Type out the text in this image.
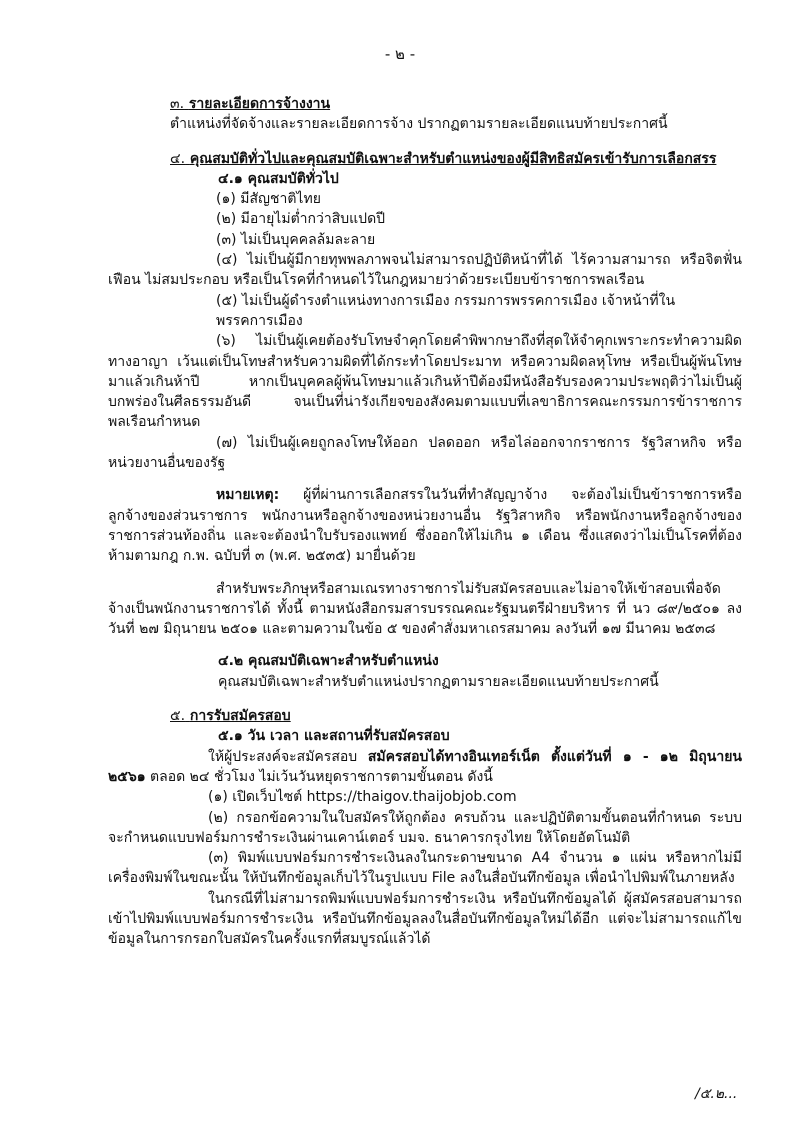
- ๒ -
๓. รายละเอียดการจ้างงาน
ตำแหน่งที่จัดจ้างและรายละเอียดการจ้าง ปรากฏตามรายละเอียดแนบท้ายประกาศนี้
๔. คุณสมบัติทั่วไปและคุณสมบัติเฉพาะสำหรับตำแหน่งของผู้มีสิทธิสมัครเข้ารับการเลือกสรร
๔.๑ คุณสมบัติทั่วไป
(๑) มีสัญชาติไทย
(๒) มีอายุไม่ต่ำกว่าสิบแปดปี
(๓) ไม่เป็นบุคคลล้มละลาย
(๔) ไม่เป็นผู้มีกายทุพพลภาพจนไม่สามารถปฏิบัติหน้าที่ได้ ไร้ความสามารถ หรือจิตฟั่นเฟือน ไม่สมประกอบ หรือเป็นโรคที่กำหนดไว้ในกฎหมายว่าด้วยระเบียบข้าราชการพลเรือน
(๕) ไม่เป็นผู้ดำรงตำแหน่งทางการเมือง กรรมการพรรคการเมือง เจ้าหน้าที่ในพรรคการเมือง
(๖) ไม่เป็นผู้เคยต้องรับโทษจำคุกโดยคำพิพากษาถึงที่สุดให้จำคุกเพราะกระทำความผิดทางอาญา เว้นแต่เป็นโทษสำหรับความผิดที่ได้กระทำโดยประมาท หรือความผิดลหุโทษ หรือเป็นผู้พ้นโทษมาแล้วเกินห้าปี หากเป็นบุคคลผู้พ้นโทษมาแล้วเกินห้าปีต้องมีหนังสือรับรองความประพฤติว่าไม่เป็นผู้บกพร่องในศีลธรรมอันดี จนเป็นที่น่ารังเกียจของสังคมตามแบบที่เลขาธิการคณะกรรมการข้าราชการพลเรือนกำหนด
(๗) ไม่เป็นผู้เคยถูกลงโทษให้ออก ปลดออก หรือไล่ออกจากราชการ รัฐวิสาหกิจ หรือหน่วยงานอื่นของรัฐ
หมายเหตุ: ผู้ที่ผ่านการเลือกสรรในวันที่ทำสัญญาจ้าง จะต้องไม่เป็นข้าราชการหรือลูกจ้างของส่วนราชการ พนักงานหรือลูกจ้างของหน่วยงานอื่น รัฐวิสาหกิจ หรือพนักงานหรือลูกจ้างของราชการส่วนท้องถิ่น และจะต้องนำใบรับรองแพทย์ ซึ่งออกให้ไม่เกิน ๑ เดือน ซึ่งแสดงว่าไม่เป็นโรคที่ต้องห้ามตามกฎ ก.พ. ฉบับที่ ๓ (พ.ศ. ๒๕๓๕) มายื่นด้วย
สำหรับพระภิกษุหรือสามเณรทางราชการไม่รับสมัครสอบและไม่อาจให้เข้าสอบเพื่อจัดจ้างเป็นพนักงานราชการได้ ทั้งนี้ ตามหนังสือกรมสารบรรณคณะรัฐมนตรีฝ่ายบริหาร ที่ นว ๘๙/๒๕๐๑ ลงวันที่ ๒๗ มิถุนายน ๒๕๐๑ และตามความในข้อ ๕ ของคำสั่งมหาเถรสมาคม ลงวันที่ ๑๗ มีนาคม ๒๕๓๘
๔.๒ คุณสมบัติเฉพาะสำหรับตำแหน่ง
คุณสมบัติเฉพาะสำหรับตำแหน่งปรากฏตามรายละเอียดแนบท้ายประกาศนี้
๕. การรับสมัครสอบ
๕.๑ วัน เวลา และสถานที่รับสมัครสอบ
ให้ผู้ประสงค์จะสมัครสอบ สมัครสอบได้ทางอินเทอร์เน็ต ตั้งแต่วันที่ ๑ - ๑๒ มิถุนายน ๒๕๖๑ ตลอด ๒๔ ชั่วโมง ไม่เว้นวันหยุดราชการตามขั้นตอน ดังนี้
(๑) เปิดเว็บไซต์ https://thaigov.thaijobjob.com
(๒) กรอกข้อความในใบสมัครให้ถูกต้อง ครบถ้วน และปฏิบัติตามขั้นตอนที่กำหนด ระบบจะกำหนดแบบฟอร์มการชำระเงินผ่านเคาน์เตอร์ บมจ. ธนาคารกรุงไทย ให้โดยอัตโนมัติ
(๓) พิมพ์แบบฟอร์มการชำระเงินลงในกระดาษขนาด A4 จำนวน ๑ แผ่น หรือหากไม่มีเครื่องพิมพ์ในขณะนั้น ให้บันทึกข้อมูลเก็บไว้ในรูปแบบ File ลงในสื่อบันทึกข้อมูล เพื่อนำไปพิมพ์ในภายหลัง
ในกรณีที่ไม่สามารถพิมพ์แบบฟอร์มการชำระเงิน หรือบันทึกข้อมูลได้ ผู้สมัครสอบสามารถเข้าไปพิมพ์แบบฟอร์มการชำระเงิน หรือบันทึกข้อมูลลงในสื่อบันทึกข้อมูลใหม่ได้อีก แต่จะไม่สามารถแก้ไขข้อมูลในการกรอกใบสมัครในครั้งแรกที่สมบูรณ์แล้วได้
/๕.๒...
